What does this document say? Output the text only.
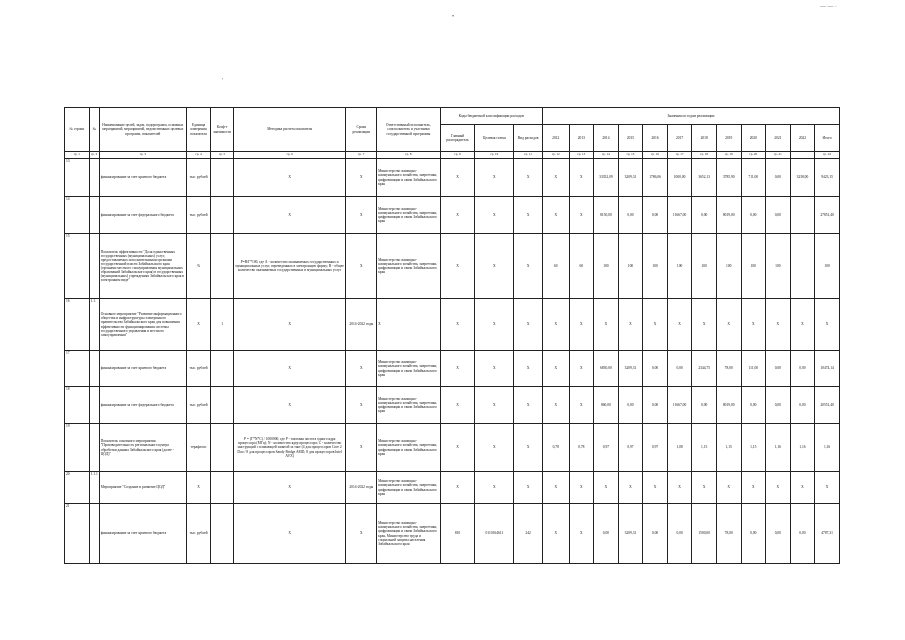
•
'
— — ·
№ строки	№	Наименование целей, задач, подпрограмм, основных мероприятий, мероприятий, ведомственных целевых программ, показателей	Единица измерения показателя	Коэф-т значимости	Методика расчета показателя	Сроки реализации	Ответственный исполнитель, соисполнитель и участники государственной программы	Коды бюджетной классификации расходов			Значения по годам реализации											
								Главный распорядитель	Целевая статья	Вид расходов	2012	2013	2014	2015	2016	2017	2018	2019	2020	2021	2022	Итого
гр. 1	гр. 2	гр. 3	гр. 4	гр. 5	гр. 6	гр. 7	гр. 8	гр. 9	гр. 10	гр. 11	гр. 12	гр. 13	гр. 14	гр. 15	гр. 16	гр. 17	гр. 18	гр. 19	гр. 20	гр. 21		гр. 22
13		финансирование за счет краевого бюджета	тыс. рублей		Х	Х	Министерство жилищно-коммунального хозяйства, энергетики, цифровизации и связи Забайкальского края	Х	Х	Х	Х	Х	33352,09	3209,31	1786,06	1000,00	3652,13	3785,90	711,00	0,00	3238,00	9423,15
14		финансирование за счет федерального бюджета	тыс. рублей		Х	Х	Министерство жилищно-коммунального хозяйства, энергетики, цифровизации и связи Забайкальского края	Х	Х	Х	Х	Х	8150,00	0,00	0,00	11667,00	0,00	8019,00	0,00	0,00		27851,40
15		Показатель эффективности "Доля единственных государственных (муниципальных) услуг, предоставляемых исполнительными органами государственной власти Забайкальского края (органами местного самоуправления муниципальных образований Забайкальского края) в государственных (муниципальных) учреждениях Забайкальского края в электронном виде"	%		Р=В/Г*100, где А - количество оказываемых государственных и муниципальных услуг, переведенных в электронную форму; В - общее количество оказываемых государственных и муниципальных услуг	Х	Министерство жилищно-коммунального хозяйства, энергетики, цифровизации и связи Забайкальского края	Х	Х	Х	60	60	100	100	100	100	100	100	100	100		100
16	1.1.	Основное мероприятие "Развитие информационного общества и инфраструктуры электронного правительства Забайкальского края для повышения эффективности функционирования системы государственного управления и местного самоуправления"	Х	1	Х	2014-2022 годы	Х	Х	Х	Х	Х	Х	Х	Х	Х	Х	Х	Х	Х	Х	Х	Х
17		финансирование за счет краевого бюджета	тыс. рублей		Х	Х	Министерство жилищно-коммунального хозяйства, энергетики, цифровизации и связи Забайкальского края	Х	Х	Х	Х	Х	6830,00	3209,31	0,00	0,00	2344,75	78,00	111,00	0,00	0,00	10474,14
18		финансирование за счет федерального бюджета	тыс. рублей		Х	Х	Министерство жилищно-коммунального хозяйства, энергетики, цифровизации и связи Забайкальского края	Х	Х	Х	Х	Х	860,00	0,00	0,00	11667,00	0,00	8019,00	0,00	0,00	0,00	20551,40
19		Показатель основного мероприятия "Производительность регионального центра обработки данных Забайкальского края (далее - ЦОД)"	терафлопс		Р = (Г*N*С) / 1000000, где Р - тактовая частота одного ядра процессора (МГц); N - количество ядер процессора; С - количество инструкций с плавающей запятой за такт (4 для процессоров Core 2 Duo / 8 для процессоров Sandy Bridge AMD, 8 для процессоров Intel AVX)	Х	Министерство жилищно-коммунального хозяйства, энергетики, цифровизации и связи Забайкальского края	Х	Х	Х	0,78	0,78	0,97	0,97	0,97	1,08	1,15	1,15	1,15	1,16	1,16	1,16
20	1.1.1.	Мероприятие "Создание и развитие ЦОД"	Х		Х	2014-2022 годы	Министерство жилищно-коммунального хозяйства, энергетики, цифровизации и связи Забайкальского края	Х	Х	Х	Х	Х	Х	Х	Х	Х	Х	Х	Х	Х	Х	Х
21		финансирование за счет краевого бюджета	тыс. рублей		Х	Х	Министерство жилищно-коммунального хозяйства, энергетики, цифровизации и связи Забайкальского края, Министерство труда и социальной защиты населения Забайкальского края	810	0110164611	242	Х	Х	0,00	3209,31	0,00	0,00	1500,00	78,00	0,00	0,00	0,00	4787,31
